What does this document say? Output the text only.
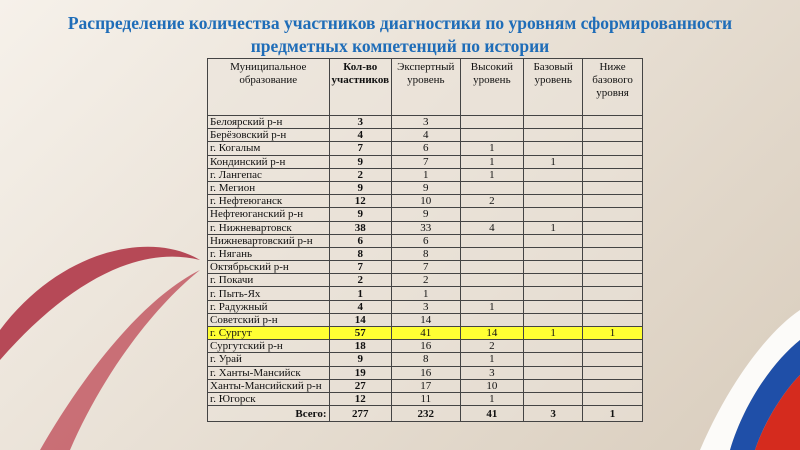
Распределение количества участников диагностики по уровням сформированности
предметных компетенций по истории
Муниципальное образование	Кол-во участников	Экспертный уровень	Высокий уровень	Базовый уровень	Ниже базового уровня
Белоярский р-н	3	3			
Берёзовский р-н	4	4			
г. Когалым	7	6	1		
Кондинский р-н	9	7	1	1	
г. Лангепас	2	1	1		
г. Мегион	9	9			
г. Нефтеюганск	12	10	2		
Нефтеюганский р-н	9	9			
г. Нижневартовск	38	33	4	1	
Нижневартовский р-н	6	6			
г. Нягань	8	8			
Октябрьский р-н	7	7			
г. Покачи	2	2			
г. Пыть-Ях	1	1			
г. Радужный	4	3	1		
Советский р-н	14	14			
г. Сургут	57	41	14	1	1
Сургутский р-н	18	16	2		
г. Урай	9	8	1		
г. Ханты-Мансийск	19	16	3		
Ханты-Мансийский р-н	27	17	10		
г. Югорск	12	11	1		
Всего:	277	232	41	3	1
